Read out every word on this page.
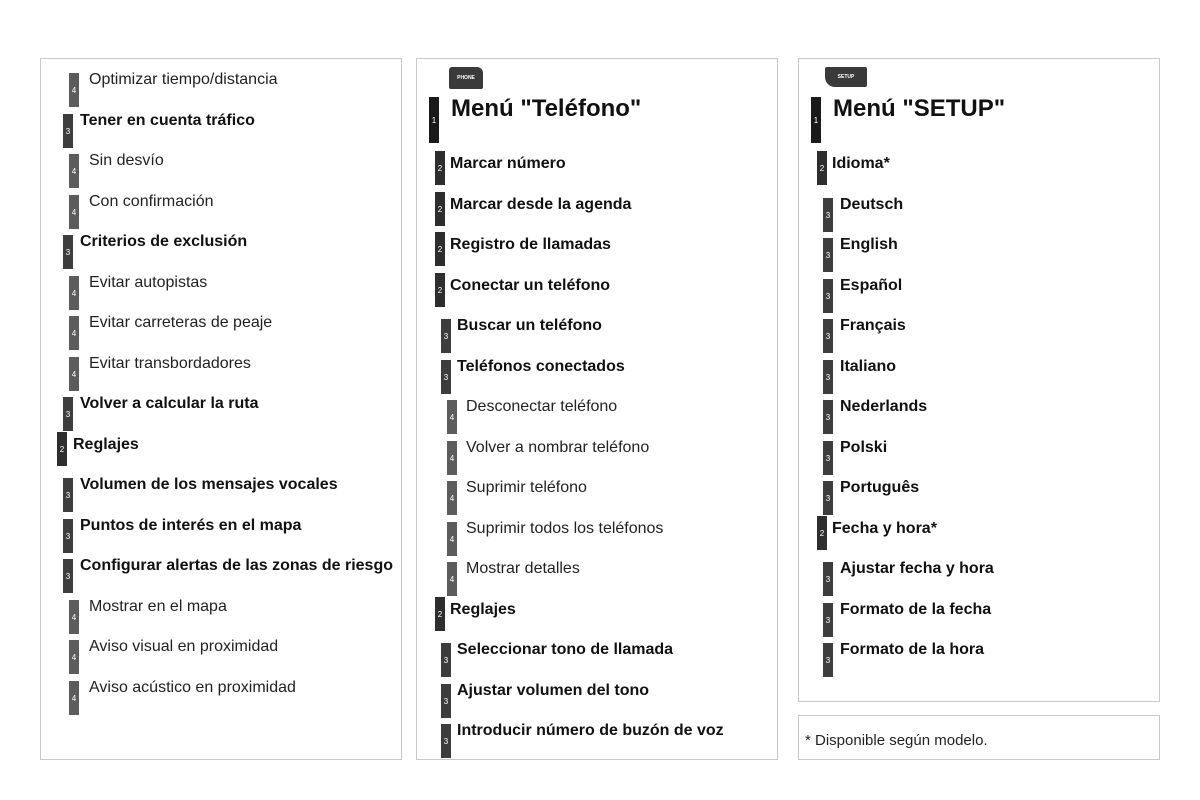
4
Optimizar tiempo/distancia
3
Tener en cuenta tráfico
4
Sin desvío
4
Con confirmación
3
Criterios de exclusión
4
Evitar autopistas
4
Evitar carreteras de peaje
4
Evitar transbordadores
3
Volver a calcular la ruta
2 Reglajes
3
Volumen de los mensajes vocales
3
Puntos de interés en el mapa
3
Configurar alertas de las zonas de riesgo
4
Mostrar en el mapa
4
Aviso visual en proximidad
4
Aviso acústico en proximidad
PHONE
1 Menú "Teléfono"
2 Marcar número
2 Marcar desde la agenda
2 Registro de llamadas
2 Conectar un teléfono
3
Buscar un teléfono
3
Teléfonos conectados
4
Desconectar teléfono
4
Volver a nombrar teléfono
4
Suprimir teléfono
4
Suprimir todos los teléfonos
4
Mostrar detalles
2 Reglajes
3
Seleccionar tono de llamada
3
Ajustar volumen del tono
3
Introducir número de buzón de voz
SETUP
1 Menú "SETUP"
2 Idioma*
3
Deutsch
3
English
3
Español
3
Français
3
Italiano
3
Nederlands
3
Polski
3
Português
2 Fecha y hora*
3
Ajustar fecha y hora
3
Formato de la fecha
3
Formato de la hora
* Disponible según modelo.
